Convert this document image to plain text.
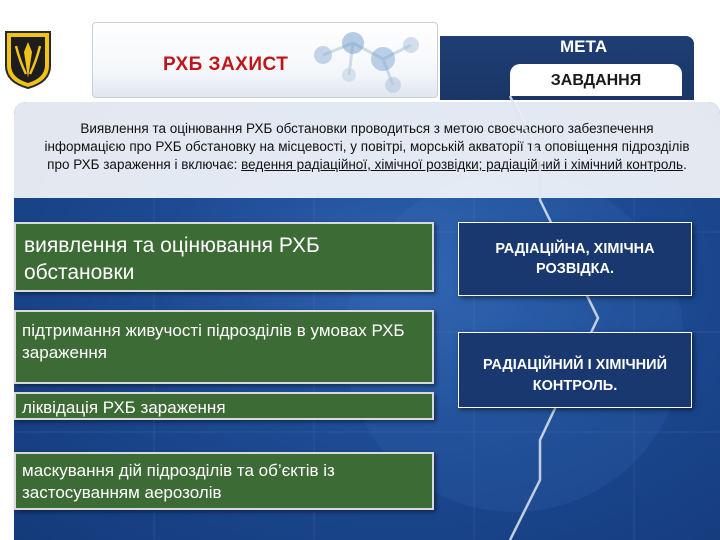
РХБ ЗАХИСТ
МЕТА
ЗАВДАННЯ
Виявлення та оцінювання РХБ обстановки проводиться з метою своєчасного забезпечення інформацією про РХБ обстановку на місцевості, у повітрі, морській акваторії та оповіщення підрозділів про РХБ зараження і включає: ведення радіаційної, хімічної розвідки; радіаційний і хімічний контроль.
виявлення та оцінювання РХБ обстановки
підтримання живучості підрозділів в умовах РХБ зараження
ліквідація РХБ зараження
маскування дій підрозділів та об’єктів із застосуванням аерозолів
РАДІАЦІЙНА, ХІМІЧНА РОЗВІДКА.
РАДІАЦІЙНИЙ І ХІМІЧНИЙ КОНТРОЛЬ.
